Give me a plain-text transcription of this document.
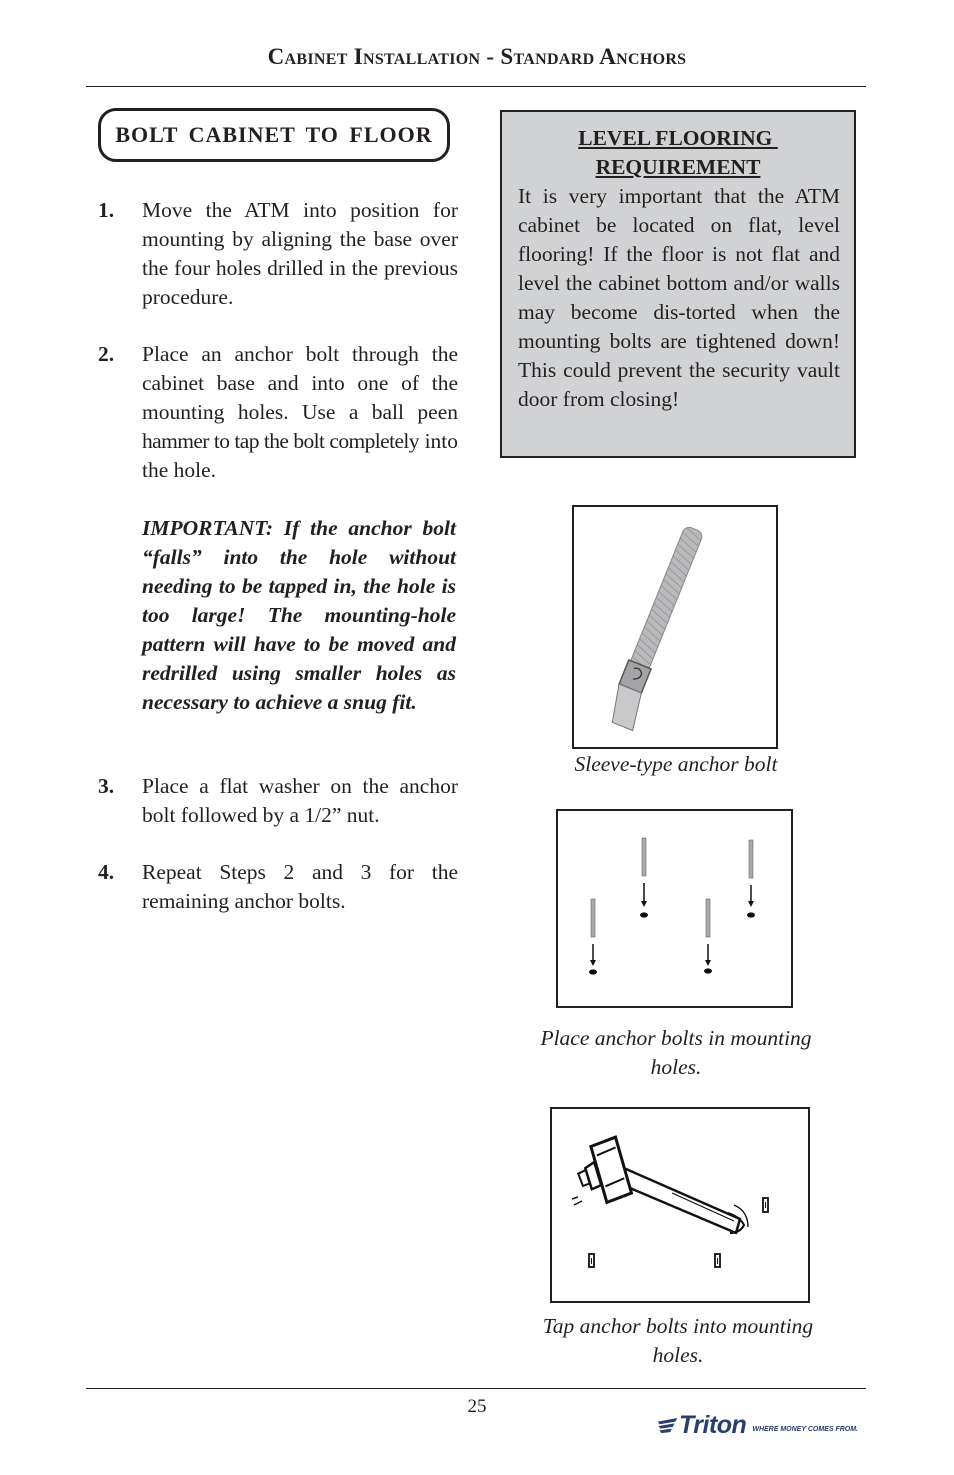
Cabinet Installation - Standard Anchors
BOLT CABINET TO FLOOR
1. Move the ATM into position for mounting by aligning the base over the four holes drilled in the previous procedure.
2. Place an anchor bolt through the cabinet base and into one of the mounting holes. Use a ball peen hammer to tap the bolt completely into the hole.
IMPORTANT: If the anchor bolt “falls” into the hole without needing to be tapped in, the hole is too large! The mounting-hole pattern will have to be moved and redrilled using smaller holes as necessary to achieve a snug fit.
3. Place a flat washer on the anchor bolt followed by a 1/2” nut.
4. Repeat Steps 2 and 3 for the remaining anchor bolts.
LEVEL FLOORING
REQUIREMENT
It is very important that the ATM cabinet be located on flat, level flooring! If the floor is not flat and level the cabinet bottom and/or walls may become dis-torted when the mounting bolts are tightened down! This could prevent the security vault door from closing!
Sleeve-type anchor bolt
Place anchor bolts in mounting
holes.
Tap anchor bolts into mounting
holes.
25
Triton WHERE MONEY COMES FROM.
